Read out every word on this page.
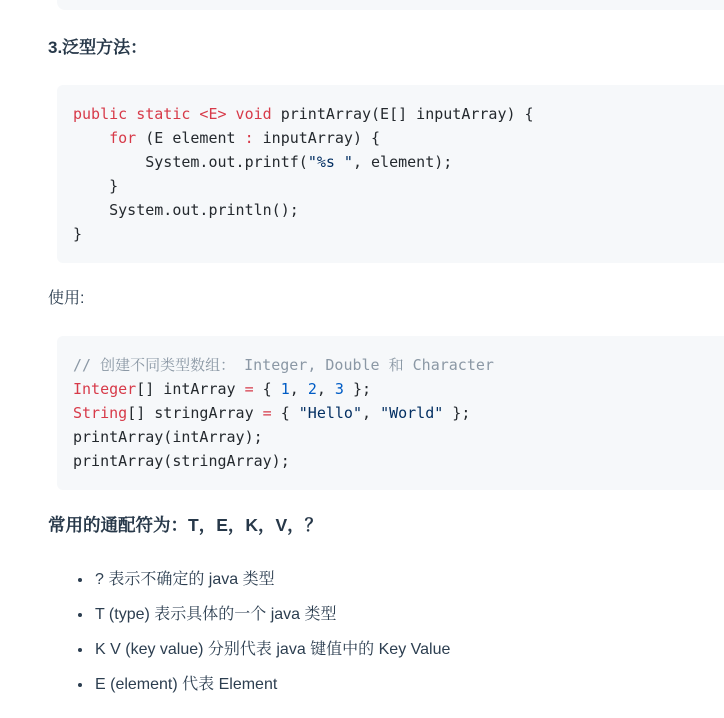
3.泛型方法：
public static <E> void printArray(E[] inputArray) {
for (E element : inputArray) {
System.out.printf("%s ", element);
}
System.out.println();
}

使用:

// 创建不同类型数组： Integer, Double 和 Character
Integer[] intArray = { 1, 2, 3 };
String[] stringArray = { "Hello", "World" };
printArray(intArray);
printArray(stringArray);
常用的通配符为：T，E，K，V，？
• ? 表示不确定的 java 类型
• T (type) 表示具体的一个 java 类型
• K V (key value) 分别代表 java 键值中的 Key Value
• E (element) 代表 Element
